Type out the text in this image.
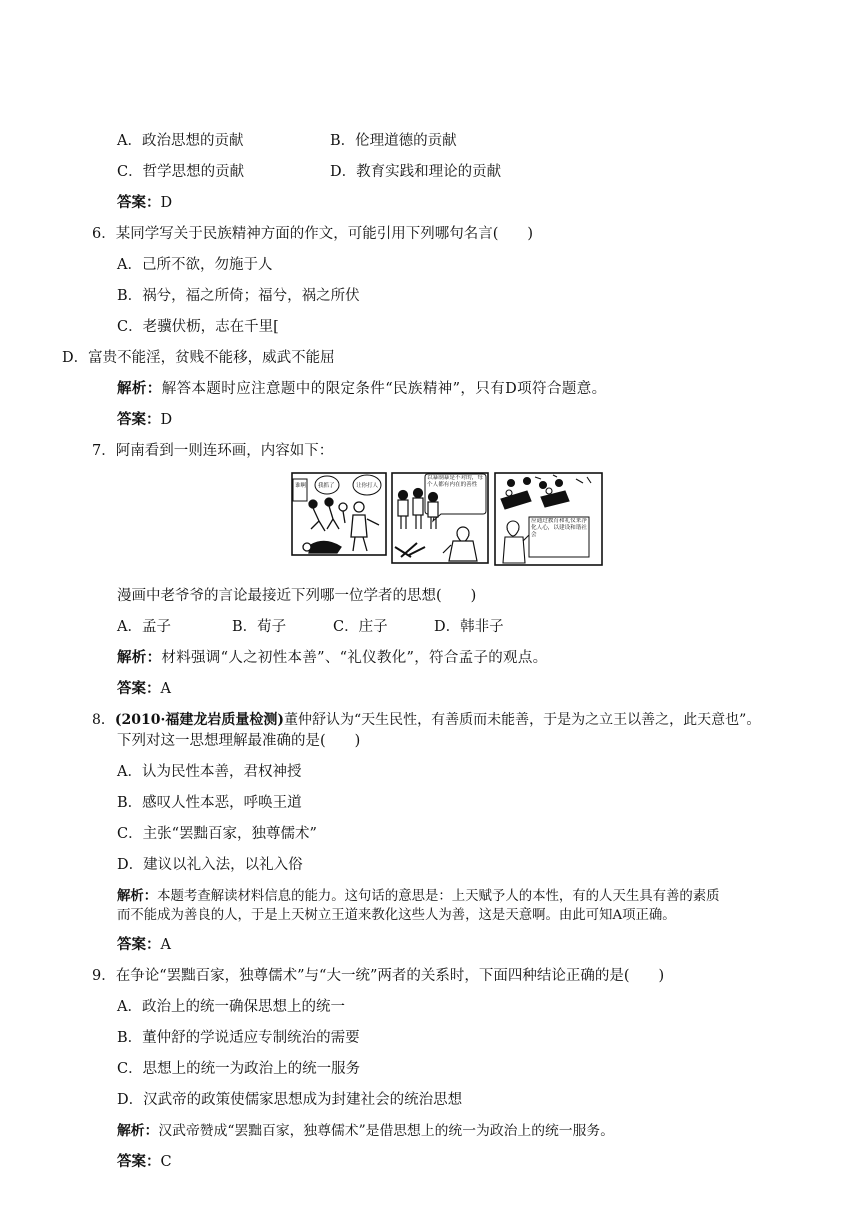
A．政治思想的贡献	B．伦理道德的贡献
C．哲学思想的贡献	D．教育实践和理论的贡献
答案：D
6．某同学写关于民族精神方面的作文，可能引用下列哪句名言(　　)
A．己所不欲，勿施于人
B．祸兮，福之所倚；福兮，祸之所伏
C．老骥伏枥，志在千里[
D．富贵不能淫，贫贱不能移，威武不能屈
解析：解答本题时应注意题中的限定条件“民族精神”，只有D项符合题意。
答案：D
7．阿南看到一则连环画，内容如下：
谁啊 我抓了	让你打人
以暴制暴是不对的，每个人都有内在的善性
应通过教育和礼仪来净化人心，以建设和谐社会
漫画中老爷爷的言论最接近下列哪一位学者的思想(　　)
A．孟子	B．荀子	C．庄子	D．韩非子
解析：材料强调“人之初性本善”、“礼仪教化”，符合孟子的观点。
答案：A
8．(2010·福建龙岩质量检测)董仲舒认为“天生民性，有善质而未能善，于是为之立王以善之，此天意也”。
下列对这一思想理解最准确的是(　　)
A．认为民性本善，君权神授
B．感叹人性本恶，呼唤王道
C．主张“罢黜百家，独尊儒术”
D．建议以礼入法，以礼入俗
解析：本题考查解读材料信息的能力。这句话的意思是：上天赋予人的本性，有的人天生具有善的素质
而不能成为善良的人，于是上天树立王道来教化这些人为善，这是天意啊。由此可知A项正确。
答案：A
9．在争论“罢黜百家，独尊儒术”与“大一统”两者的关系时，下面四种结论正确的是(　　)
A．政治上的统一确保思想上的统一
B．董仲舒的学说适应专制统治的需要
C．思想上的统一为政治上的统一服务
D．汉武帝的政策使儒家思想成为封建社会的统治思想
解析：汉武帝赞成“罢黜百家，独尊儒术”是借思想上的统一为政治上的统一服务。
答案：C
